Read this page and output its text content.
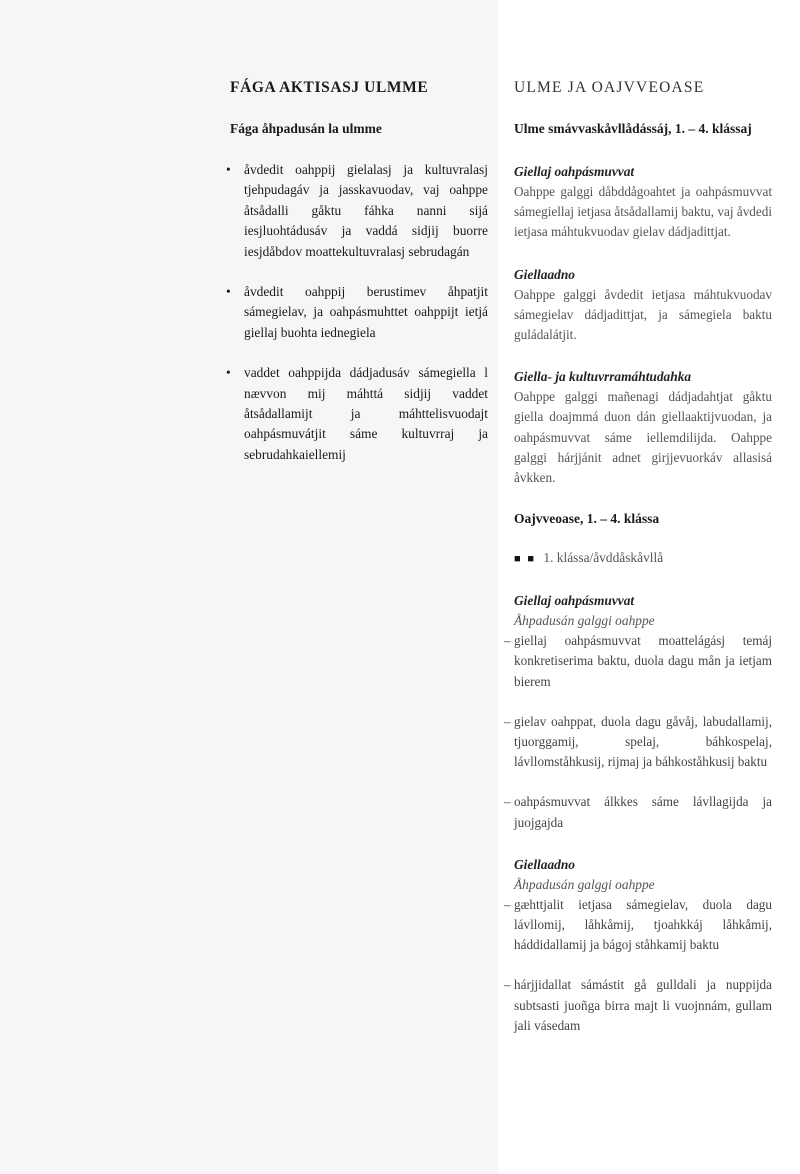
FÁGA AKTISASJ ULMME
Fága åhpadusán la ulmme
• åvdedit oahppij gielalasj ja kultuvralasj tjehpudagáv ja jasskavuodav, vaj oahppe åtsådalli gåktu fáhka nanni sijá iesjluohtádusáv ja vaddá sidjij buorre iesjdåbdov moattekultuvralasj sebrudagán
• åvdedit oahppij berustimev åhpatjit sámegielav, ja oahpásmuhttet oahppijt ietjá giellaj buohta iednegiela
• vaddet oahppijda dádjadusáv sámegiella l nævvon mij máhttá sidjij vaddet åtsådallamijt ja máhttelisvuodajt oahpásmuvátjit sáme kultuvrraj ja sebrudahkaiellemij
ULME JA OAJVVEOASE
Ulme smávvaskåvllådássáj, 1. – 4. klássaj

Giellaj oahpásmuvvat

Oahppe galggi dåbddågoahtet ja oahpásmuvvat sámegiellaj ietjasa åtsådallamij baktu, vaj åvdedi ietjasa máhtukvuodav gielav dádjadittjat.

Giellaadno

Oahppe galggi åvdedit ietjasa máhtukvuodav sámegielav dádjadittjat, ja sámegiela baktu guládalátjit.

Giella- ja kultuvrramáhtudahka

Oahppe galggi mañenagi dádjadahtjat gåktu giella doajmmá duon dán giellaaktijvuodan, ja oahpásmuvvat sáme iellemdilijda. Oahppe galggi hárjjánit adnet girjjevuorkáv allasisá åvkken.

Oajvveoase, 1. – 4. klássa

■ ■ 1. klássa/åvddåskåvllå

Giellaj oahpásmuvvat

Åhpadusán galggi oahppe

– giellaj oahpásmuvvat moattelágásj temáj konkretiserima baktu, duola dagu mån ja ietjam bierem
– gielav oahppat, duola dagu gåvåj, labudallamij, tjuorggamij, spelaj, báhkospelaj, lávllomståhkusij, rijmaj ja báhkoståhkusij baktu
– oahpásmuvvat álkkes sáme lávllagijda ja juojgajda

Giellaadno

Åhpadusán galggi oahppe

– gæhttjalit ietjasa sámegielav, duola dagu lávllomij, låhkåmij, tjoahkkáj låhkåmij, háddidallamij ja bágoj ståhkamij baktu
– hárjjidallat sámástit gå gulldali ja nuppijda subtsasti juoñga birra majt li vuojnnám, gullam jali vásedam
